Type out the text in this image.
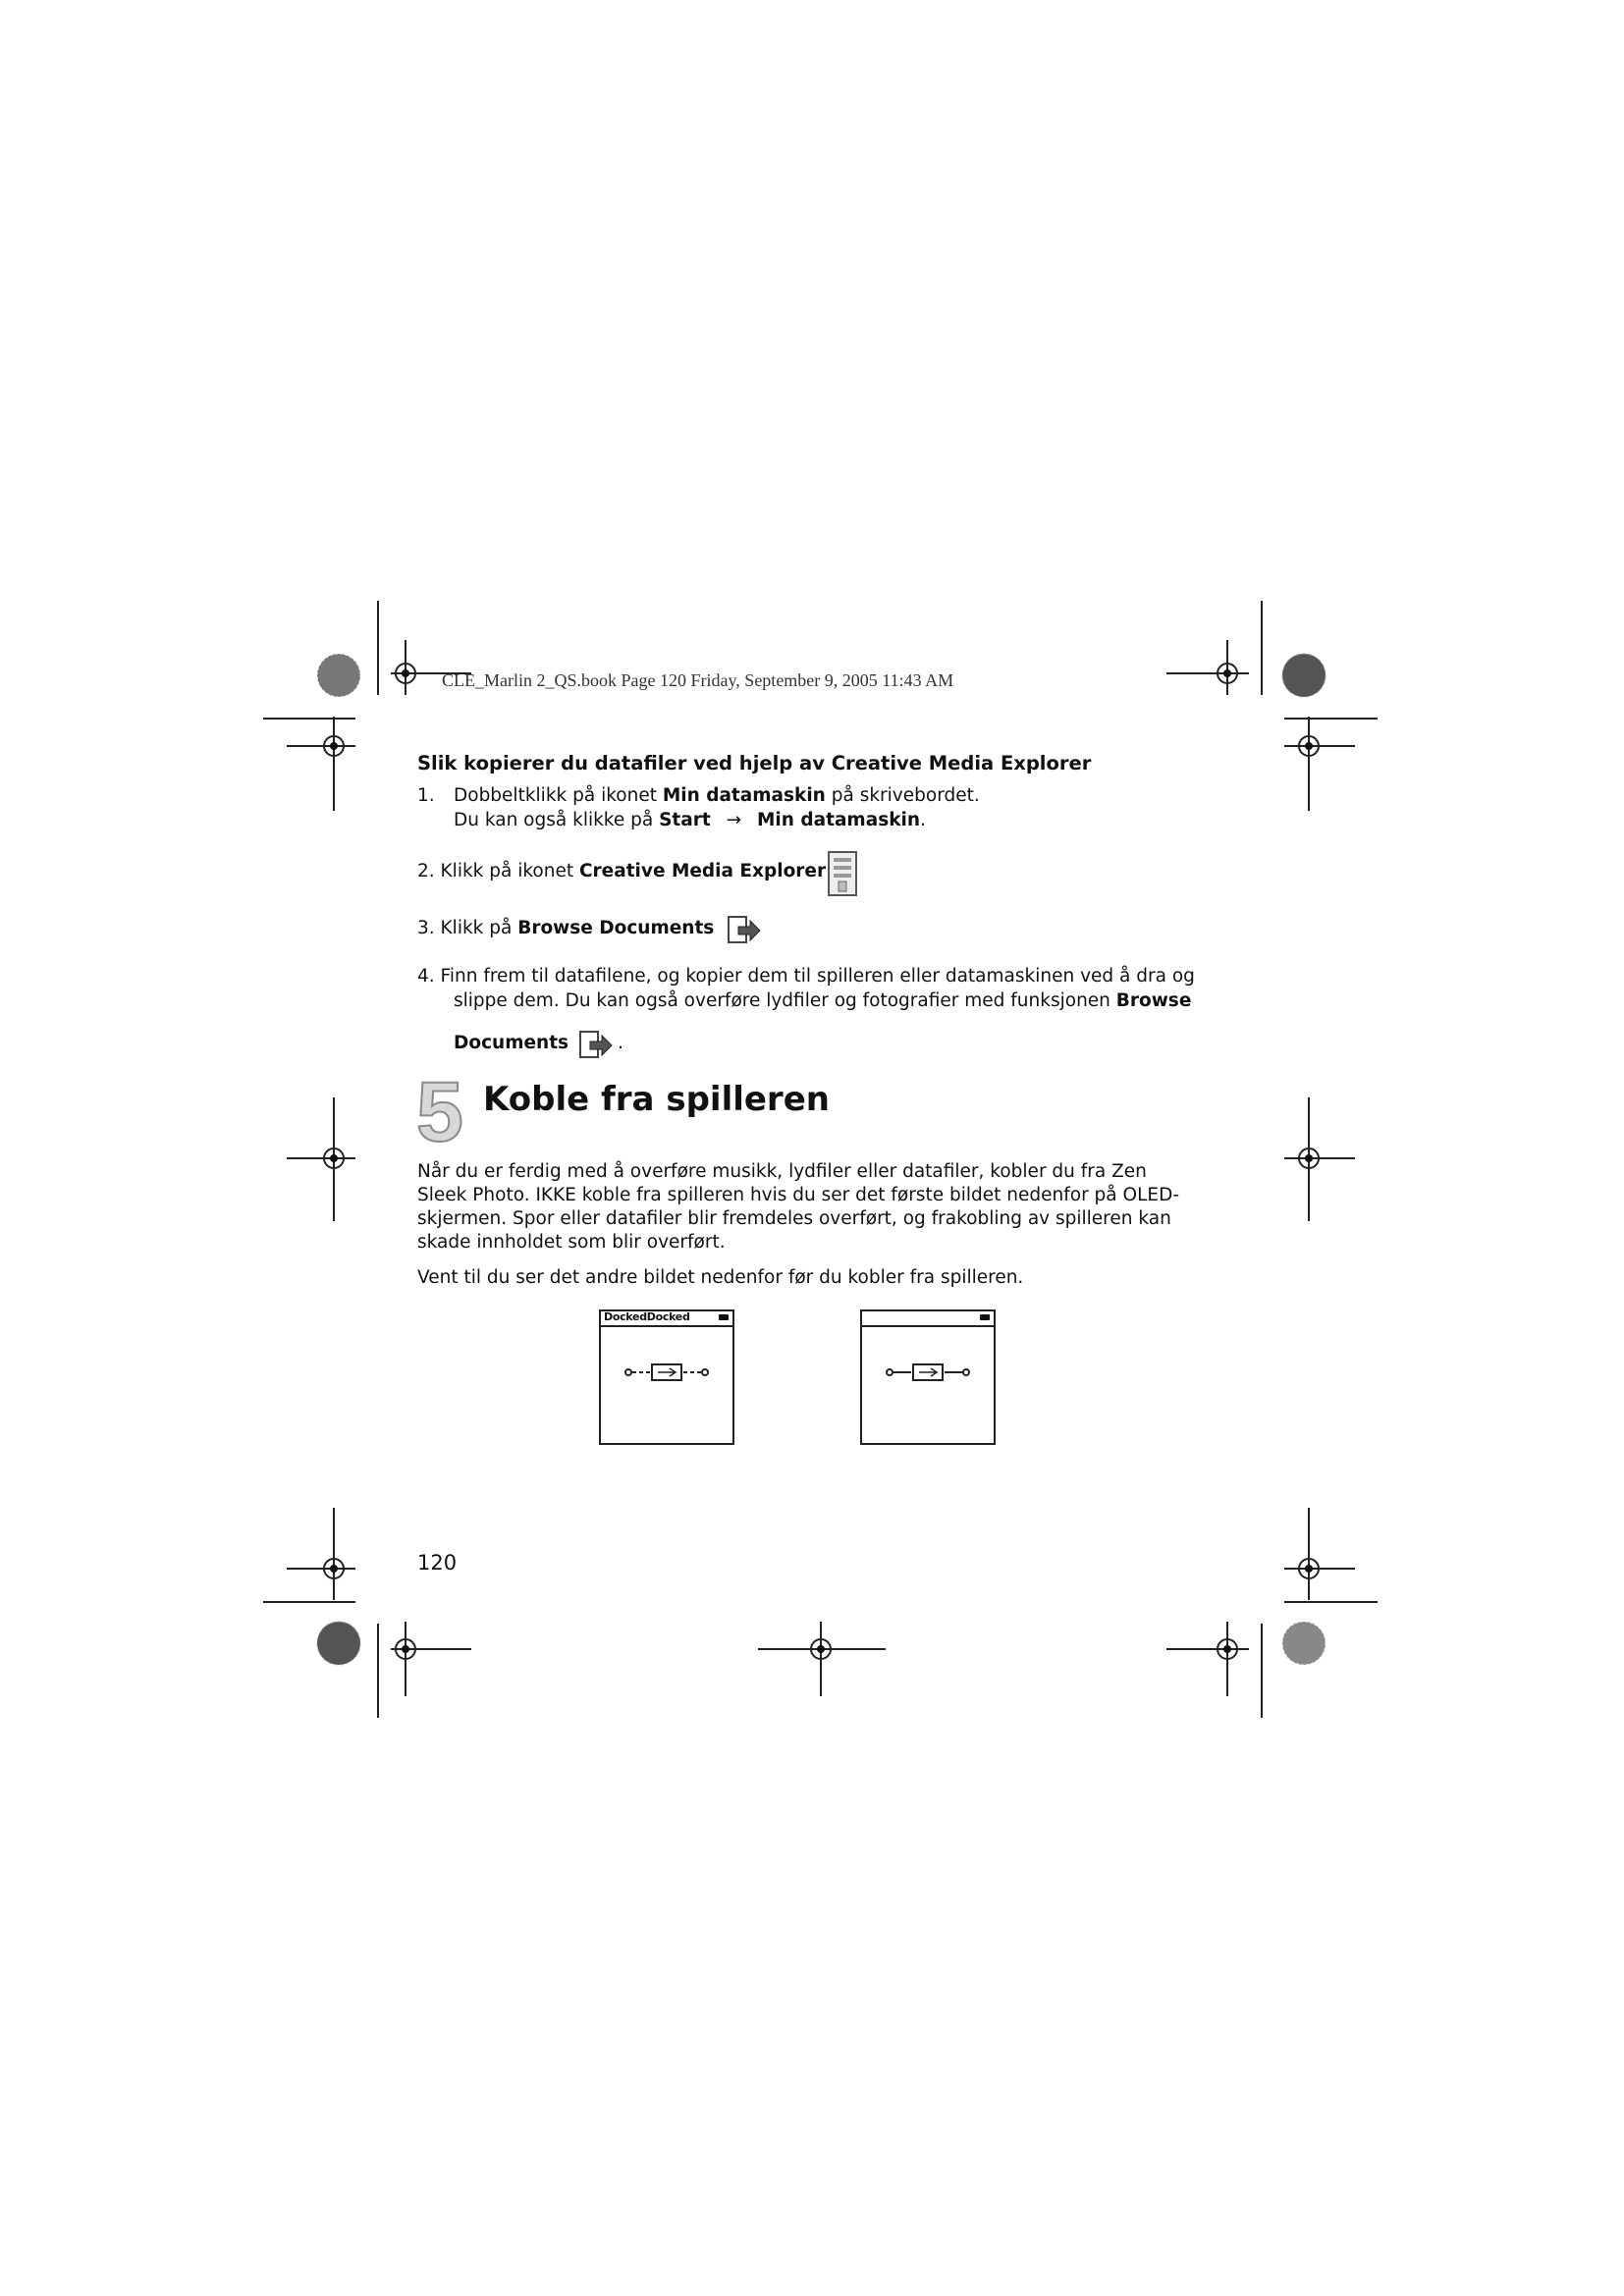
CLE_Marlin 2_QS.book Page 120 Friday, September 9, 2005 11:43 AM
Slik kopierer du datafiler ved hjelp av Creative Media Explorer
1. Dobbeltklikk på ikonet Min datamaskin på skrivebordet.
Du kan også klikke på Start → Min datamaskin.
2. Klikk på ikonet Creative Media Explorer
3. Klikk på Browse Documents
4. Finn frem til datafilene, og kopier dem til spilleren eller datamaskinen ved å dra og
slippe dem. Du kan også overføre lydfiler og fotografier med funksjonen Browse
Documents	.
5 Koble fra spilleren
Når du er ferdig med å overføre musikk, lydfiler eller datafiler, kobler du fra Zen Sleek Photo. IKKE koble fra spilleren hvis du ser det første bildet nedenfor på OLED-skjermen. Spor eller datafiler blir fremdeles overført, og frakobling av spilleren kan skade innholdet som blir overført.
Vent til du ser det andre bildet nedenfor før du kobler fra spilleren.
DockedDocked
120
